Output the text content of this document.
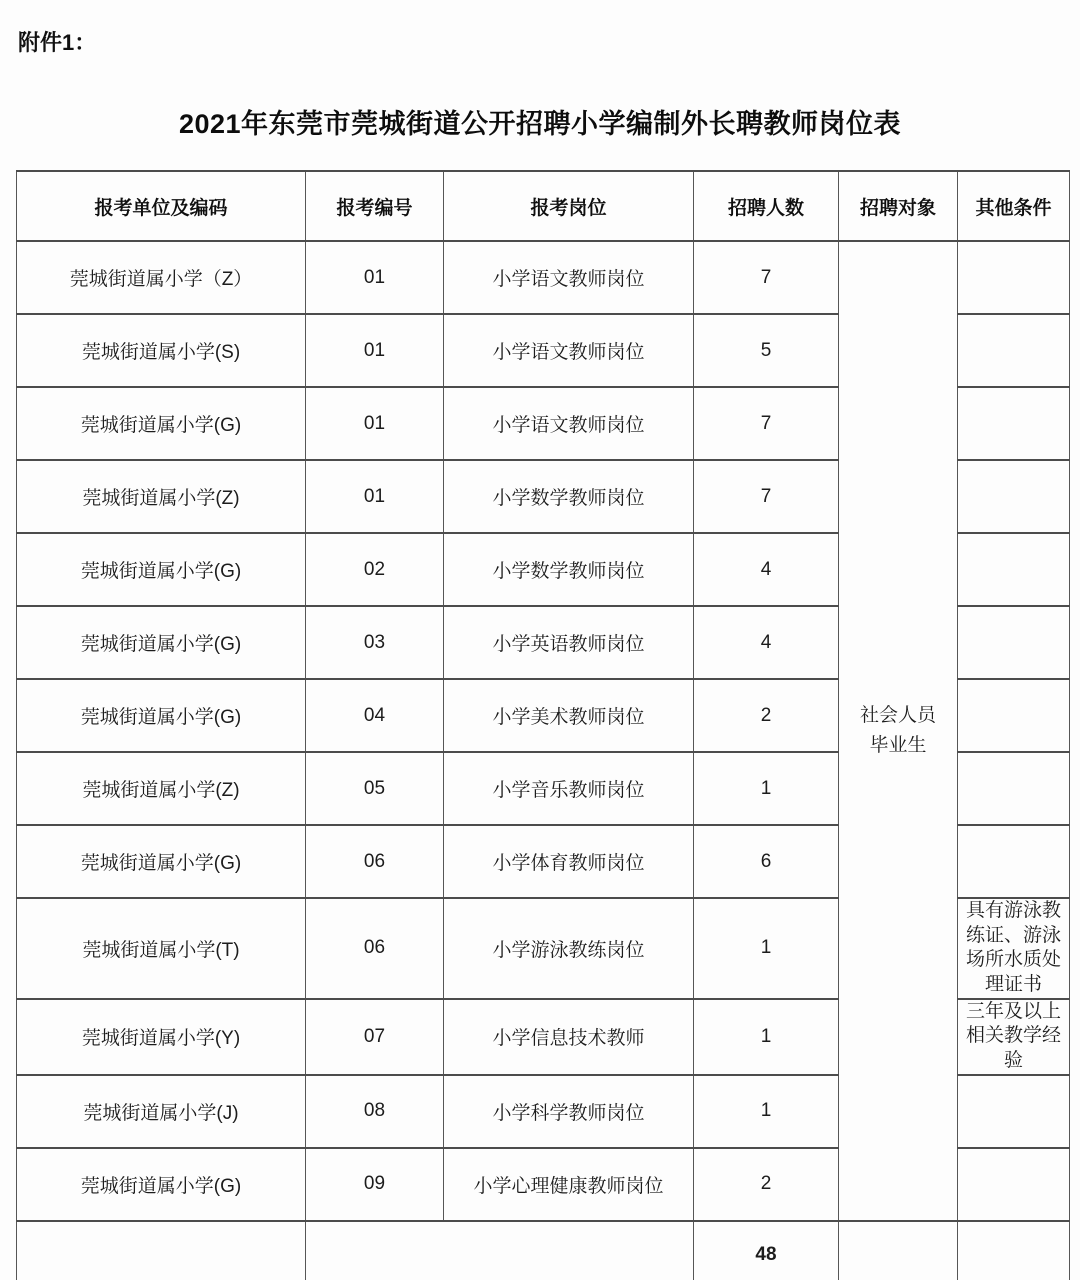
附件1：
2021年东莞市莞城街道公开招聘小学编制外长聘教师岗位表
报考单位及编码	报考编号	报考岗位	招聘人数	招聘对象	其他条件
莞城街道属小学（Z）	01	小学语文教师岗位	7	社会人员毕业生	
莞城街道属小学(S)	01	小学语文教师岗位	5		
莞城街道属小学(G)	01	小学语文教师岗位	7		
莞城街道属小学(Z)	01	小学数学教师岗位	7		
莞城街道属小学(G)	02	小学数学教师岗位	4		
莞城街道属小学(G)	03	小学英语教师岗位	4		
莞城街道属小学(G)	04	小学美术教师岗位	2		
莞城街道属小学(Z)	05	小学音乐教师岗位	1		
莞城街道属小学(G)	06	小学体育教师岗位	6		
莞城街道属小学(T)	06	小学游泳教练岗位	1		具有游泳教练证、游泳场所水质处理证书
莞城街道属小学(Y)	07	小学信息技术教师	1		三年及以上相关教学经验
莞城街道属小学(J)	08	小学科学教师岗位	1		
莞城街道属小学(G)	09	小学心理健康教师岗位	2		
			48		
